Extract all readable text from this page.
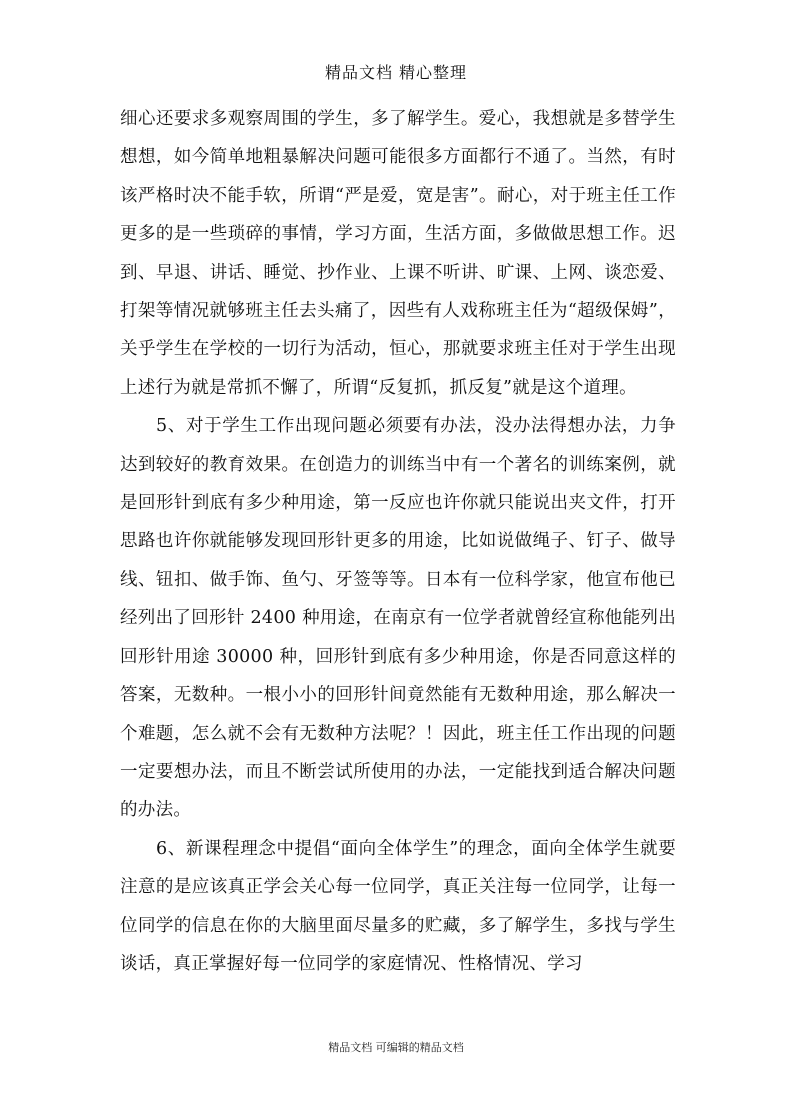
精品文档 精心整理

细心还要求多观察周围的学生，多了解学生。爱心，我想就是多替学生想想，如今简单地粗暴解决问题可能很多方面都行不通了。当然，有时该严格时决不能手软，所谓“严是爱，宽是害”。耐心，对于班主任工作更多的是一些琐碎的事情，学习方面，生活方面，多做做思想工作。迟到、早退、讲话、睡觉、抄作业、上课不听讲、旷课、上网、谈恋爱、打架等情况就够班主任去头痛了，因些有人戏称班主任为“超级保姆”，关乎学生在学校的一切行为活动，恒心，那就要求班主任对于学生出现上述行为就是常抓不懈了，所谓“反复抓，抓反复”就是这个道理。

5、对于学生工作出现问题必须要有办法，没办法得想办法，力争达到较好的教育效果。在创造力的训练当中有一个著名的训练案例，就是回形针到底有多少种用途，第一反应也许你就只能说出夹文件，打开思路也许你就能够发现回形针更多的用途，比如说做绳子、钉子、做导线、钮扣、做手饰、鱼勺、牙签等等。日本有一位科学家，他宣布他已经列出了回形针 2400 种用途，在南京有一位学者就曾经宣称他能列出回形针用途 30000 种，回形针到底有多少种用途，你是否同意这样的答案，无数种。一根小小的回形针间竟然能有无数种用途，那么解决一个难题，怎么就不会有无数种方法呢？！因此，班主任工作出现的问题一定要想办法，而且不断尝试所使用的办法，一定能找到适合解决问题的办法。

6、新课程理念中提倡“面向全体学生”的理念，面向全体学生就要注意的是应该真正学会关心每一位同学，真正关注每一位同学，让每一位同学的信息在你的大脑里面尽量多的贮藏，多了解学生，多找与学生谈话，真正掌握好每一位同学的家庭情况、性格情况、学习

精品文档 可编辑的精品文档
